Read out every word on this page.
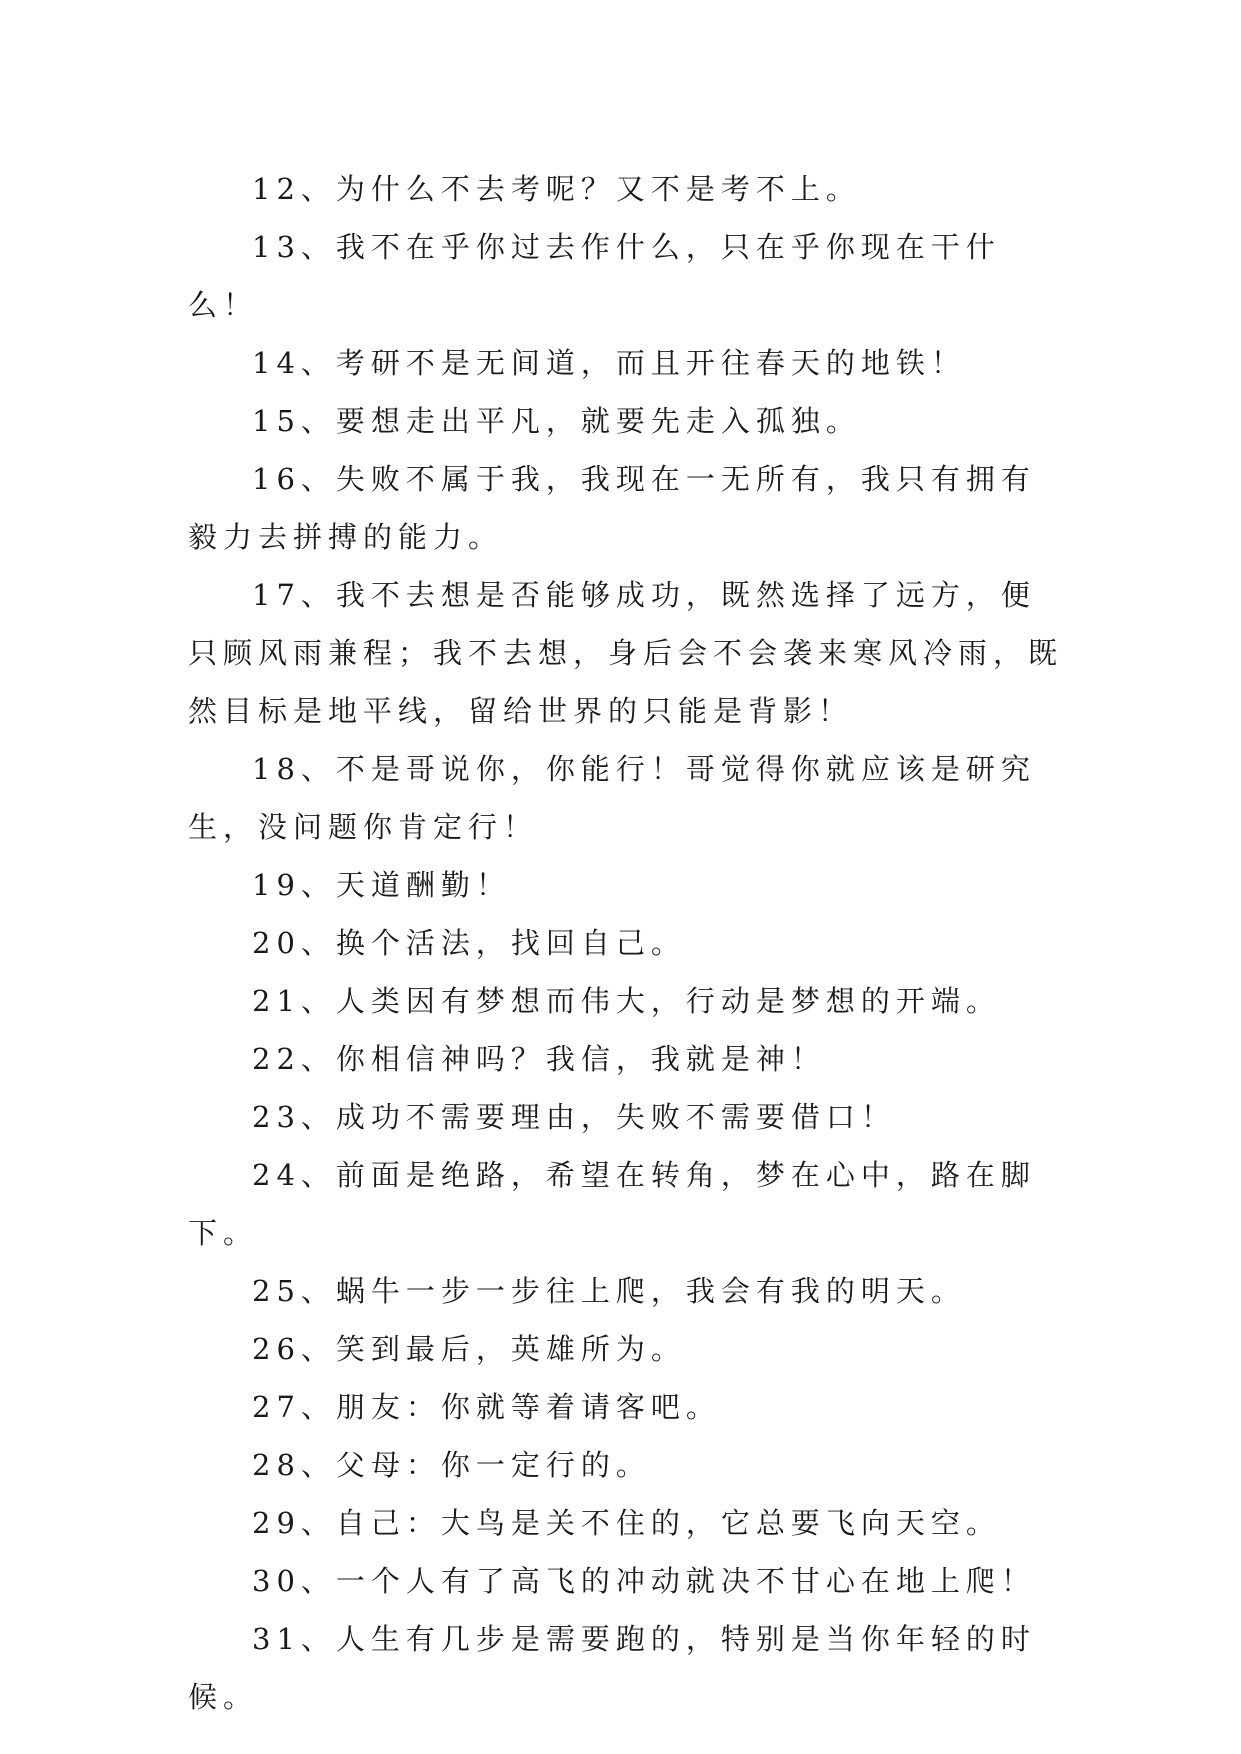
12、为什么不去考呢？又不是考不上。

13、我不在乎你过去作什么，只在乎你现在干什么！

14、考研不是无间道，而且开往春天的地铁！

15、要想走出平凡，就要先走入孤独。

16、失败不属于我，我现在一无所有，我只有拥有毅力去拼搏的能力。

17、我不去想是否能够成功，既然选择了远方，便只顾风雨兼程；我不去想，身后会不会袭来寒风冷雨，既然目标是地平线，留给世界的只能是背影！

18、不是哥说你，你能行！哥觉得你就应该是研究生，没问题你肯定行！

19、天道酬勤！

20、换个活法，找回自己。

21、人类因有梦想而伟大，行动是梦想的开端。

22、你相信神吗？我信，我就是神！

23、成功不需要理由，失败不需要借口！

24、前面是绝路，希望在转角，梦在心中，路在脚下。

25、蜗牛一步一步往上爬，我会有我的明天。

26、笑到最后，英雄所为。

27、朋友：你就等着请客吧。

28、父母：你一定行的。

29、自己：大鸟是关不住的，它总要飞向天空。

30、一个人有了高飞的冲动就决不甘心在地上爬！

31、人生有几步是需要跑的，特别是当你年轻的时候。
